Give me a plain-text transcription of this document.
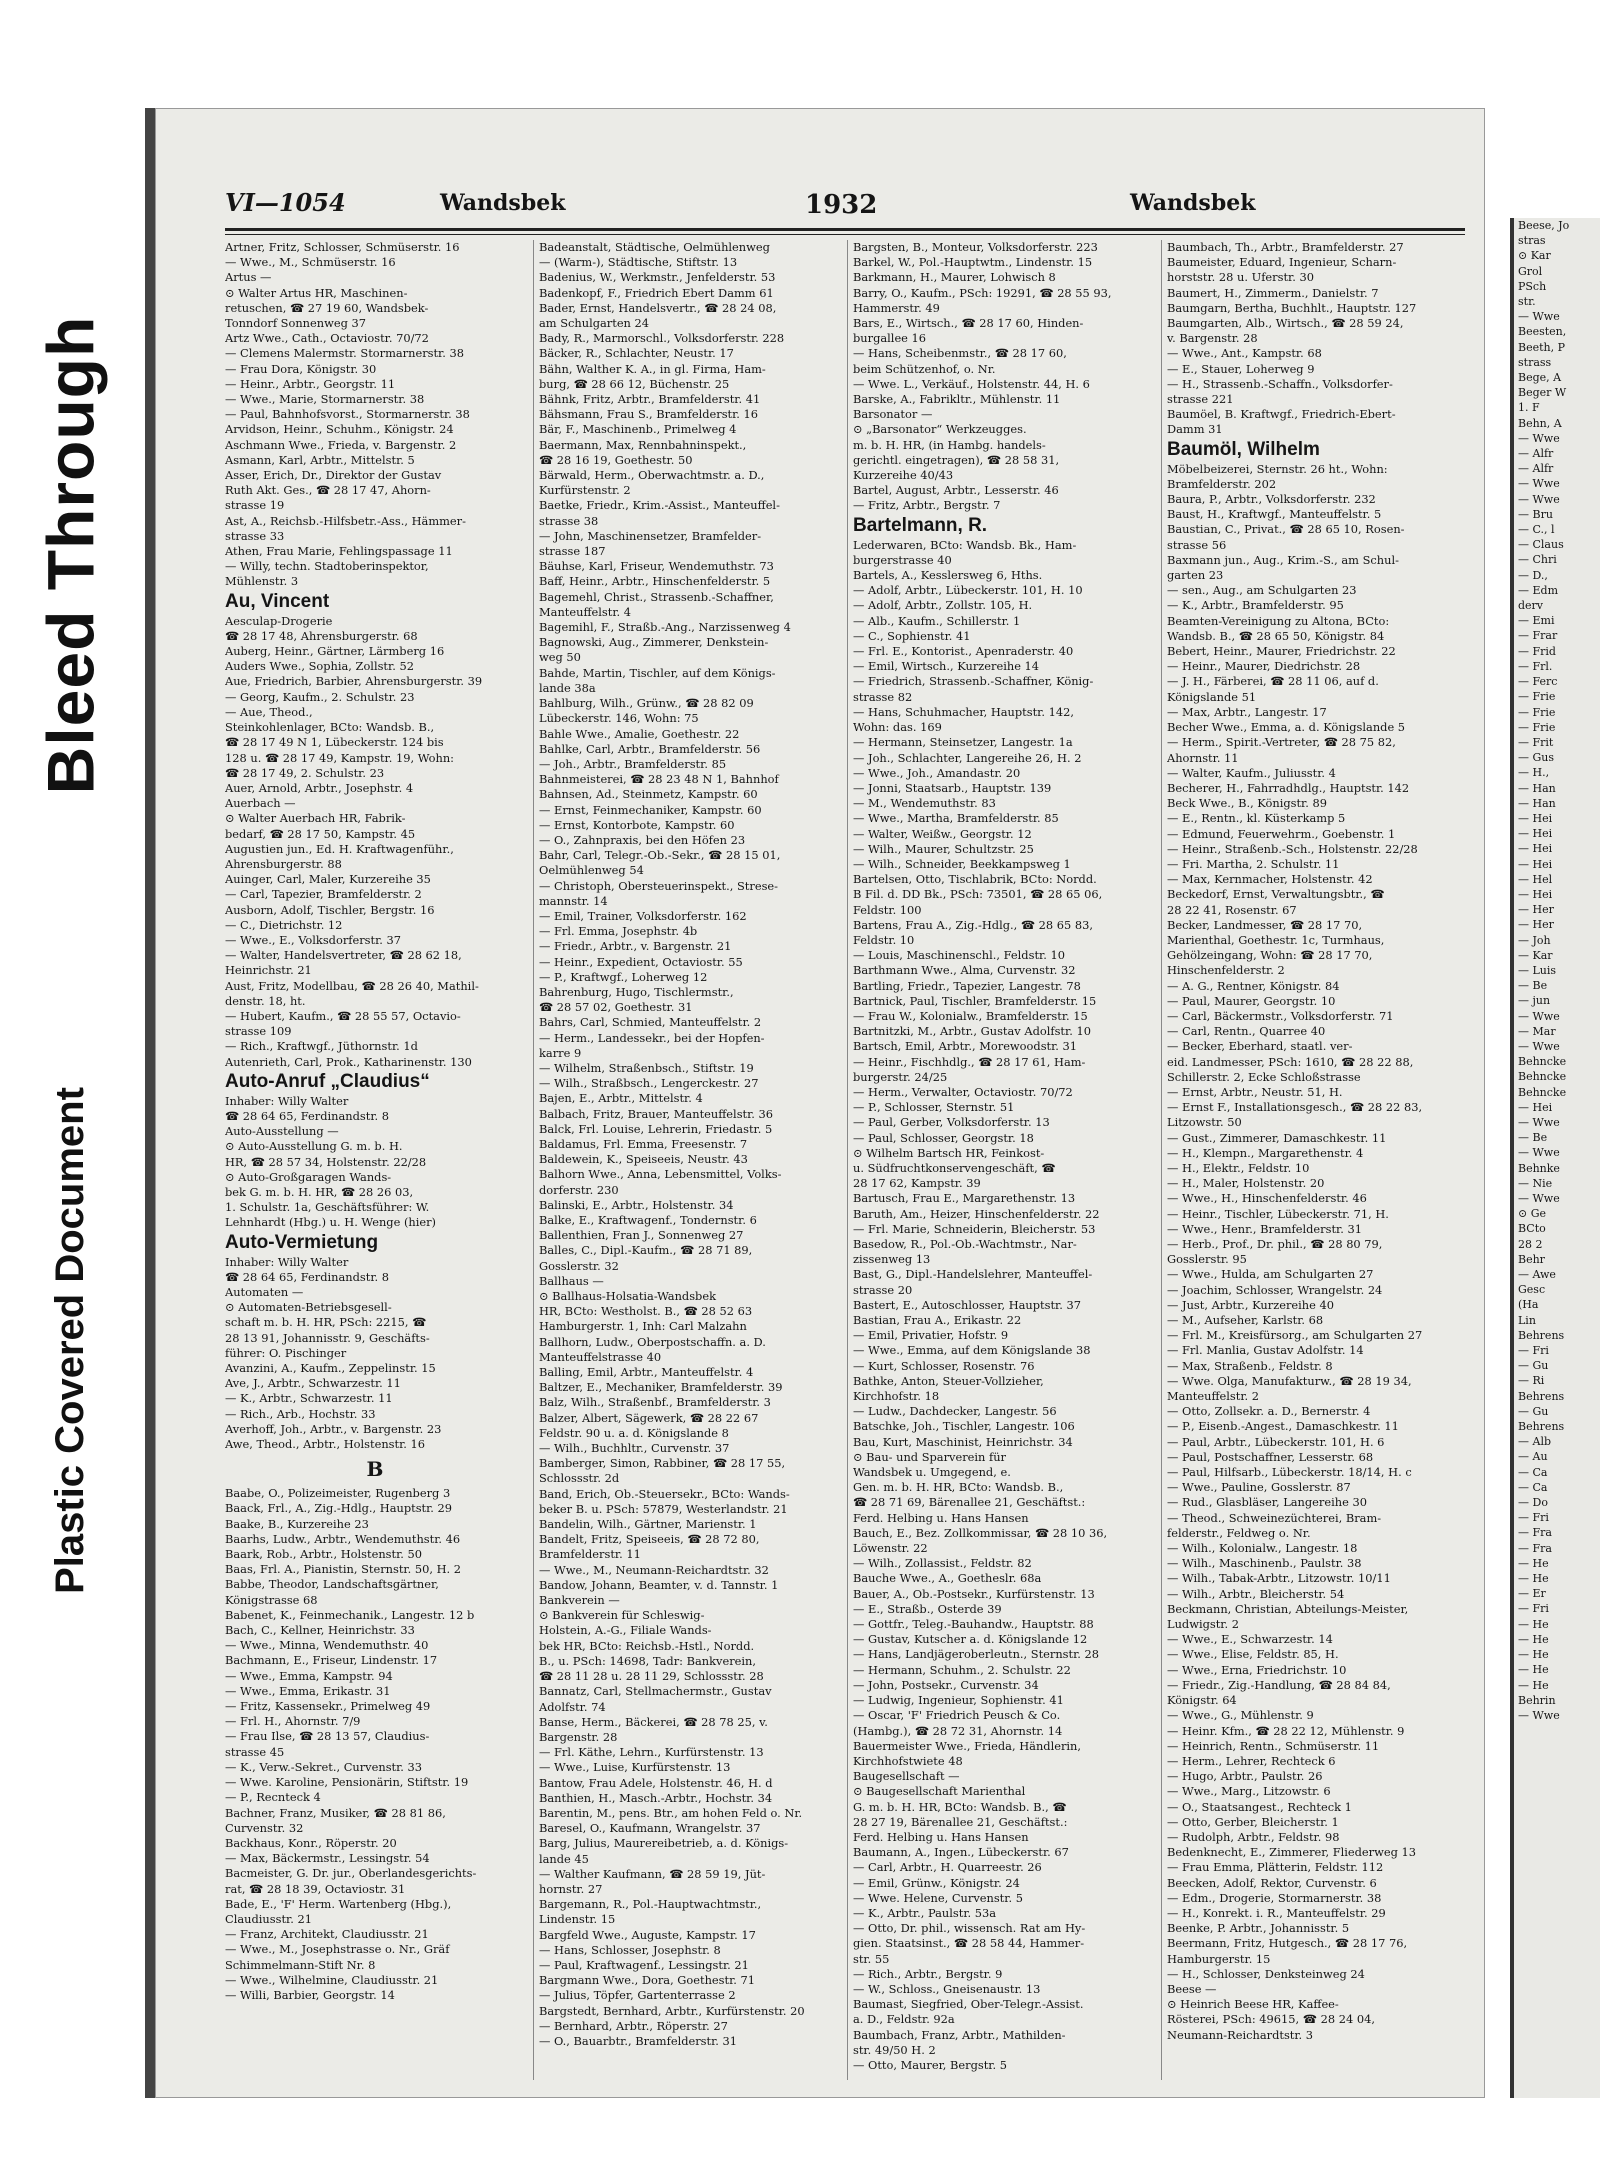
Bleed Through
Plastic Covered Document
VI—1054	Wandsbek	1932	Wandsbek
Artner, Fritz, Schlosser, Schmüserstr. 16
— Wwe., M., Schmüserstr. 16
Artus —
⊙ Walter Artus HR, Maschinen-
retuschen, ☎ 27 19 60, Wandsbek-
Tonndorf Sonnenweg 37
Artz Wwe., Cath., Octaviostr. 70/72
— Clemens Malermstr. Stormarnerstr. 38
— Frau Dora, Königstr. 30
— Heinr., Arbtr., Georgstr. 11
— Wwe., Marie, Stormarnerstr. 38
— Paul, Bahnhofsvorst., Stormarnerstr. 38
Arvidson, Heinr., Schuhm., Königstr. 24
Aschmann Wwe., Frieda, v. Bargenstr. 2
Asmann, Karl, Arbtr., Mittelstr. 5
Asser, Erich, Dr., Direktor der Gustav
Ruth Akt. Ges., ☎ 28 17 47, Ahorn-
strasse 19
Ast, A., Reichsb.-Hilfsbetr.-Ass., Hämmer-
strasse 33
Athen, Frau Marie, Fehlingspassage 11
— Willy, techn. Stadtoberinspektor,
Mühlenstr. 3
Au, Vincent
Aesculap-Drogerie
☎ 28 17 48, Ahrensburgerstr. 68
Auberg, Heinr., Gärtner, Lärmberg 16
Auders Wwe., Sophia, Zollstr. 52
Aue, Friedrich, Barbier, Ahrensburgerstr. 39
— Georg, Kaufm., 2. Schulstr. 23
— Aue, Theod.,
Steinkohlenlager, BCto: Wandsb. B.,
☎ 28 17 49 N 1, Lübeckerstr. 124 bis
128 u. ☎ 28 17 49, Kampstr. 19, Wohn:
☎ 28 17 49, 2. Schulstr. 23
Auer, Arnold, Arbtr., Josephstr. 4
Auerbach —
⊙ Walter Auerbach HR, Fabrik-
bedarf, ☎ 28 17 50, Kampstr. 45
Augustien jun., Ed. H. Kraftwagenführ.,
Ahrensburgerstr. 88
Auinger, Carl, Maler, Kurzereihe 35
— Carl, Tapezier, Bramfelderstr. 2
Ausborn, Adolf, Tischler, Bergstr. 16
— C., Dietrichstr. 12
— Wwe., E., Volksdorferstr. 37
— Walter, Handelsvertreter, ☎ 28 62 18,
Heinrichstr. 21
Aust, Fritz, Modellbau, ☎ 28 26 40, Mathil-
denstr. 18, ht.
— Hubert, Kaufm., ☎ 28 55 57, Octavio-
strasse 109
— Rich., Kraftwgf., Jüthornstr. 1d
Autenrieth, Carl, Prok., Katharinenstr. 130
Auto-Anruf „Claudius“
Inhaber: Willy Walter
☎ 28 64 65, Ferdinandstr. 8
Auto-Ausstellung —
⊙ Auto-Ausstellung G. m. b. H.
HR, ☎ 28 57 34, Holstenstr. 22/28
⊙ Auto-Großgaragen Wands-
bek G. m. b. H. HR, ☎ 28 26 03,
1. Schulstr. 1a, Geschäftsführer: W.
Lehnhardt (Hbg.) u. H. Wenge (hier)
Auto-Vermietung
Inhaber: Willy Walter
☎ 28 64 65, Ferdinandstr. 8
Automaten —
⊙ Automaten-Betriebsgesell-
schaft m. b. H. HR, PSch: 2215, ☎
28 13 91, Johannisstr. 9, Geschäfts-
führer: O. Pischinger
Avanzini, A., Kaufm., Zeppelinstr. 15
Ave, J., Arbtr., Schwarzestr. 11
— K., Arbtr., Schwarzestr. 11
— Rich., Arb., Hochstr. 33
Averhoff, Joh., Arbtr., v. Bargenstr. 23
Awe, Theod., Arbtr., Holstenstr. 16
B
Baabe, O., Polizeimeister, Rugenberg 3
Baack, Frl., A., Zig.-Hdlg., Hauptstr. 29
Baake, B., Kurzereihe 23
Baarhs, Ludw., Arbtr., Wendemuthstr. 46
Baark, Rob., Arbtr., Holstenstr. 50
Baas, Frl. A., Pianistin, Sternstr. 50, H. 2
Babbe, Theodor, Landschaftsgärtner,
Königstrasse 68
Babenet, K., Feinmechanik., Langestr. 12 b
Bach, C., Kellner, Heinrichstr. 33
— Wwe., Minna, Wendemuthstr. 40
Bachmann, E., Friseur, Lindenstr. 17
— Wwe., Emma, Kampstr. 94
— Wwe., Emma, Erikastr. 31
— Fritz, Kassensekr., Primelweg 49
— Frl. H., Ahornstr. 7/9
— Frau Ilse, ☎ 28 13 57, Claudius-
strasse 45
— K., Verw.-Sekret., Curvenstr. 33
— Wwe. Karoline, Pensionärin, Stiftstr. 19
— P., Recnteck 4
Bachner, Franz, Musiker, ☎ 28 81 86,
Curvenstr. 32
Backhaus, Konr., Röperstr. 20
— Max, Bäckermstr., Lessingstr. 54
Bacmeister, G. Dr. jur., Oberlandesgerichts-
rat, ☎ 28 18 39, Octaviostr. 31
Bade, E., 'F' Herm. Wartenberg (Hbg.),
Claudiusstr. 21
— Franz, Architekt, Claudiusstr. 21
— Wwe., M., Josephstrasse o. Nr., Gräf
Schimmelmann-Stift Nr. 8
— Wwe., Wilhelmine, Claudiusstr. 21
— Willi, Barbier, Georgstr. 14
Badeanstalt, Städtische, Oelmühlenweg
— (Warm-), Städtische, Stiftstr. 13
Badenius, W., Werkmstr., Jenfelderstr. 53
Badenkopf, F., Friedrich Ebert Damm 61
Bader, Ernst, Handelsvertr., ☎ 28 24 08,
am Schulgarten 24
Bady, R., Marmorschl., Volksdorferstr. 228
Bäcker, R., Schlachter, Neustr. 17
Bähn, Walther K. A., in gl. Firma, Ham-
burg, ☎ 28 66 12, Büchenstr. 25
Bähnk, Fritz, Arbtr., Bramfelderstr. 41
Bähsmann, Frau S., Bramfelderstr. 16
Bär, F., Maschinenb., Primelweg 4
Baermann, Max, Rennbahninspekt.,
☎ 28 16 19, Goethestr. 50
Bärwald, Herm., Oberwachtmstr. a. D.,
Kurfürstenstr. 2
Baetke, Friedr., Krim.-Assist., Manteuffel-
strasse 38
— John, Maschinensetzer, Bramfelder-
strasse 187
Bäuhse, Karl, Friseur, Wendemuthstr. 73
Baff, Heinr., Arbtr., Hinschenfelderstr. 5
Bagemehl, Christ., Strassenb.-Schaffner,
Manteuffelstr. 4
Bagemihl, F., Straßb.-Ang., Narzissenweg 4
Bagnowski, Aug., Zimmerer, Denkstein-
weg 50
Bahde, Martin, Tischler, auf dem Königs-
lande 38a
Bahlburg, Wilh., Grünw., ☎ 28 82 09
Lübeckerstr. 146, Wohn: 75
Bahle Wwe., Amalie, Goethestr. 22
Bahlke, Carl, Arbtr., Bramfelderstr. 56
— Joh., Arbtr., Bramfelderstr. 85
Bahnmeisterei, ☎ 28 23 48 N 1, Bahnhof
Bahnsen, Ad., Steinmetz, Kampstr. 60
— Ernst, Feinmechaniker, Kampstr. 60
— Ernst, Kontorbote, Kampstr. 60
— O., Zahnpraxis, bei den Höfen 23
Bahr, Carl, Telegr.-Ob.-Sekr., ☎ 28 15 01,
Oelmühlenweg 54
— Christoph, Obersteuerinspekt., Strese-
mannstr. 14
— Emil, Trainer, Volksdorferstr. 162
— Frl. Emma, Josephstr. 4b
— Friedr., Arbtr., v. Bargenstr. 21
— Heinr., Expedient, Octaviostr. 55
— P., Kraftwgf., Loherweg 12
Bahrenburg, Hugo, Tischlermstr.,
☎ 28 57 02, Goethestr. 31
Bahrs, Carl, Schmied, Manteuffelstr. 2
— Herm., Landessekr., bei der Hopfen-
karre 9
— Wilhelm, Straßenbsch., Stiftstr. 19
— Wilh., Straßbsch., Lengerckestr. 27
Bajen, E., Arbtr., Mittelstr. 4
Balbach, Fritz, Brauer, Manteuffelstr. 36
Balck, Frl. Louise, Lehrerin, Friedastr. 5
Baldamus, Frl. Emma, Freesenstr. 7
Baldewein, K., Speiseeis, Neustr. 43
Balhorn Wwe., Anna, Lebensmittel, Volks-
dorferstr. 230
Balinski, E., Arbtr., Holstenstr. 34
Balke, E., Kraftwagenf., Tondernstr. 6
Ballenthien, Fran J., Sonnenweg 27
Balles, C., Dipl.-Kaufm., ☎ 28 71 89,
Gosslerstr. 32
Ballhaus —
⊙ Ballhaus-Holsatia-Wandsbek
HR, BCto: Westholst. B., ☎ 28 52 63
Hamburgerstr. 1, Inh: Carl Malzahn
Ballhorn, Ludw., Oberpostschaffn. a. D.
Manteuffelstrasse 40
Balling, Emil, Arbtr., Manteuffelstr. 4
Baltzer, E., Mechaniker, Bramfelderstr. 39
Balz, Wilh., Straßenbf., Bramfelderstr. 3
Balzer, Albert, Sägewerk, ☎ 28 22 67
Feldstr. 90 u. a. d. Königslande 8
— Wilh., Buchhltr., Curvenstr. 37
Bamberger, Simon, Rabbiner, ☎ 28 17 55,
Schlossstr. 2d
Band, Erich, Ob.-Steuersekr., BCto: Wands-
beker B. u. PSch: 57879, Westerlandstr. 21
Bandelin, Wilh., Gärtner, Marienstr. 1
Bandelt, Fritz, Speiseeis, ☎ 28 72 80,
Bramfelderstr. 11
— Wwe., M., Neumann-Reichardtstr. 32
Bandow, Johann, Beamter, v. d. Tannstr. 1
Bankverein —
⊙ Bankverein für Schleswig-
Holstein, A.-G., Filiale Wands-
bek HR, BCto: Reichsb.-Hstl., Nordd.
B., u. PSch: 14698, Tadr: Bankverein,
☎ 28 11 28 u. 28 11 29, Schlossstr. 28
Bannatz, Carl, Stellmachermstr., Gustav
Adolfstr. 74
Banse, Herm., Bäckerei, ☎ 28 78 25, v.
Bargenstr. 28
— Frl. Käthe, Lehrn., Kurfürstenstr. 13
— Wwe., Luise, Kurfürstenstr. 13
Bantow, Frau Adele, Holstenstr. 46, H. d
Banthien, H., Masch.-Arbtr., Hochstr. 34
Barentin, M., pens. Btr., am hohen Feld o. Nr.
Baresel, O., Kaufmann, Wrangelstr. 37
Barg, Julius, Maurereibetrieb, a. d. Königs-
lande 45
— Walther Kaufmann, ☎ 28 59 19, Jüt-
hornstr. 27
Bargemann, R., Pol.-Hauptwachtmstr.,
Lindenstr. 15
Bargfeld Wwe., Auguste, Kampstr. 17
— Hans, Schlosser, Josephstr. 8
— Paul, Kraftwagenf., Lessingstr. 21
Bargmann Wwe., Dora, Goethestr. 71
— Julius, Töpfer, Gartenterrasse 2
Bargstedt, Bernhard, Arbtr., Kurfürstenstr. 20
— Bernhard, Arbtr., Röperstr. 27
— O., Bauarbtr., Bramfelderstr. 31
Bargsten, B., Monteur, Volksdorferstr. 223
Barkel, W., Pol.-Hauptwtm., Lindenstr. 15
Barkmann, H., Maurer, Lohwisch 8
Barry, O., Kaufm., PSch: 19291, ☎ 28 55 93,
Hammerstr. 49
Bars, E., Wirtsch., ☎ 28 17 60, Hinden-
burgallee 16
— Hans, Scheibenmstr., ☎ 28 17 60,
beim Schützenhof, o. Nr.
— Wwe. L., Verkäuf., Holstenstr. 44, H. 6
Barske, A., Fabrikltr., Mühlenstr. 11
Barsonator —
⊙ „Barsonator“ Werkzeugges.
m. b. H. HR, (in Hambg. handels-
gerichtl. eingetragen), ☎ 28 58 31,
Kurzereihe 40/43
Bartel, August, Arbtr., Lesserstr. 46
— Fritz, Arbtr., Bergstr. 7
Bartelmann, R.
Lederwaren, BCto: Wandsb. Bk., Ham-
burgerstrasse 40
Bartels, A., Kesslersweg 6, Hths.
— Adolf, Arbtr., Lübeckerstr. 101, H. 10
— Adolf, Arbtr., Zollstr. 105, H.
— Alb., Kaufm., Schillerstr. 1
— C., Sophienstr. 41
— Frl. E., Kontorist., Apenraderstr. 40
— Emil, Wirtsch., Kurzereihe 14
— Friedrich, Strassenb.-Schaffner, König-
strasse 82
— Hans, Schuhmacher, Hauptstr. 142,
Wohn: das. 169
— Hermann, Steinsetzer, Langestr. 1a
— Joh., Schlachter, Langereihe 26, H. 2
— Wwe., Joh., Amandastr. 20
— Jonni, Staatsarb., Hauptstr. 139
— M., Wendemuthstr. 83
— Wwe., Martha, Bramfelderstr. 85
— Walter, Weißw., Georgstr. 12
— Wilh., Maurer, Schultzstr. 25
— Wilh., Schneider, Beekkampsweg 1
Bartelsen, Otto, Tischlabrik, BCto: Nordd.
B Fil. d. DD Bk., PSch: 73501, ☎ 28 65 06,
Feldstr. 100
Bartens, Frau A., Zig.-Hdlg., ☎ 28 65 83,
Feldstr. 10
— Louis, Maschinenschl., Feldstr. 10
Barthmann Wwe., Alma, Curvenstr. 32
Bartling, Friedr., Tapezier, Langestr. 78
Bartnick, Paul, Tischler, Bramfelderstr. 15
— Frau W., Kolonialw., Bramfelderstr. 15
Bartnitzki, M., Arbtr., Gustav Adolfstr. 10
Bartsch, Emil, Arbtr., Morewoodstr. 31
— Heinr., Fischhdlg., ☎ 28 17 61, Ham-
burgerstr. 24/25
— Herm., Verwalter, Octaviostr. 70/72
— P., Schlosser, Sternstr. 51
— Paul, Gerber, Volksdorferstr. 13
— Paul, Schlosser, Georgstr. 18
⊙ Wilhelm Bartsch HR, Feinkost-
u. Südfruchtkonservengeschäft, ☎
28 17 62, Kampstr. 39
Bartusch, Frau E., Margarethenstr. 13
Baruth, Am., Heizer, Hinschenfelderstr. 22
— Frl. Marie, Schneiderin, Bleicherstr. 53
Basedow, R., Pol.-Ob.-Wachtmstr., Nar-
zissenweg 13
Bast, G., Dipl.-Handelslehrer, Manteuffel-
strasse 20
Bastert, E., Autoschlosser, Hauptstr. 37
Bastian, Frau A., Erikastr. 22
— Emil, Privatier, Hofstr. 9
— Wwe., Emma, auf dem Königslande 38
— Kurt, Schlosser, Rosenstr. 76
Bathke, Anton, Steuer-Vollzieher,
Kirchhofstr. 18
— Ludw., Dachdecker, Langestr. 56
Batschke, Joh., Tischler, Langestr. 106
Bau, Kurt, Maschinist, Heinrichstr. 34
⊙ Bau- und Sparverein für
Wandsbek u. Umgegend, e.
Gen. m. b. H. HR, BCto: Wandsb. B.,
☎ 28 71 69, Bärenallee 21, Geschäftst.:
Ferd. Helbing u. Hans Hansen
Bauch, E., Bez. Zollkommissar, ☎ 28 10 36,
Löwenstr. 22
— Wilh., Zollassist., Feldstr. 82
Bauche Wwe., A., Goetheslr. 68a
Bauer, A., Ob.-Postsekr., Kurfürstenstr. 13
— E., Straßb., Osterde 39
— Gottfr., Teleg.-Bauhandw., Hauptstr. 88
— Gustav, Kutscher a. d. Königslande 12
— Hans, Landjägeroberleutn., Sternstr. 28
— Hermann, Schuhm., 2. Schulstr. 22
— John, Postsekr., Curvenstr. 34
— Ludwig, Ingenieur, Sophienstr. 41
— Oscar, 'F' Friedrich Peusch & Co.
(Hambg.), ☎ 28 72 31, Ahornstr. 14
Bauermeister Wwe., Frieda, Händlerin,
Kirchhofstwiete 48
Baugesellschaft —
⊙ Baugesellschaft Marienthal
G. m. b. H. HR, BCto: Wandsb. B., ☎
28 27 19, Bärenallee 21, Geschäftst.:
Ferd. Helbing u. Hans Hansen
Baumann, A., Ingen., Lübeckerstr. 67
— Carl, Arbtr., H. Quarreestr. 26
— Emil, Grünw., Königstr. 24
— Wwe. Helene, Curvenstr. 5
— K., Arbtr., Paulstr. 53a
— Otto, Dr. phil., wissensch. Rat am Hy-
gien. Staatsinst., ☎ 28 58 44, Hammer-
str. 55
— Rich., Arbtr., Bergstr. 9
— W., Schloss., Gneisenaustr. 13
Baumast, Siegfried, Ober-Telegr.-Assist.
a. D., Feldstr. 92a
Baumbach, Franz, Arbtr., Mathilden-
str. 49/50 H. 2
— Otto, Maurer, Bergstr. 5
Baumbach, Th., Arbtr., Bramfelderstr. 27
Baumeister, Eduard, Ingenieur, Scharn-
horststr. 28 u. Uferstr. 30
Baumert, H., Zimmerm., Danielstr. 7
Baumgarn, Bertha, Buchhlt., Hauptstr. 127
Baumgarten, Alb., Wirtsch., ☎ 28 59 24,
v. Bargenstr. 28
— Wwe., Ant., Kampstr. 68
— E., Stauer, Loherweg 9
— H., Strassenb.-Schaffn., Volksdorfer-
strasse 221
Baumöel, B. Kraftwgf., Friedrich-Ebert-
Damm 31
Baumöl, Wilhelm
Möbelbeizerei, Sternstr. 26 ht., Wohn:
Bramfelderstr. 202
Baura, P., Arbtr., Volksdorferstr. 232
Baust, H., Kraftwgf., Manteuffelstr. 5
Baustian, C., Privat., ☎ 28 65 10, Rosen-
strasse 56
Baxmann jun., Aug., Krim.-S., am Schul-
garten 23
— sen., Aug., am Schulgarten 23
— K., Arbtr., Bramfelderstr. 95
Beamten-Vereinigung zu Altona, BCto:
Wandsb. B., ☎ 28 65 50, Königstr. 84
Bebert, Heinr., Maurer, Friedrichstr. 22
— Heinr., Maurer, Diedrichstr. 28
— J. H., Färberei, ☎ 28 11 06, auf d.
Königslande 51
— Max, Arbtr., Langestr. 17
Becher Wwe., Emma, a. d. Königslande 5
— Herm., Spirit.-Vertreter, ☎ 28 75 82,
Ahornstr. 11
— Walter, Kaufm., Juliusstr. 4
Becherer, H., Fahrradhdlg., Hauptstr. 142
Beck Wwe., B., Königstr. 89
— E., Rentn., kl. Küsterkamp 5
— Edmund, Feuerwehrm., Goebenstr. 1
— Heinr., Straßenb.-Sch., Holstenstr. 22/28
— Fri. Martha, 2. Schulstr. 11
— Max, Kernmacher, Holstenstr. 42
Beckedorf, Ernst, Verwaltungsbtr., ☎
28 22 41, Rosenstr. 67
Becker, Landmesser, ☎ 28 17 70,
Marienthal, Goethestr. 1c, Turmhaus,
Gehölzeingang, Wohn: ☎ 28 17 70,
Hinschenfelderstr. 2
— A. G., Rentner, Königstr. 84
— Paul, Maurer, Georgstr. 10
— Carl, Bäckermstr., Volksdorferstr. 71
— Carl, Rentn., Quarree 40
— Becker, Eberhard, staatl. ver-
eid. Landmesser, PSch: 1610, ☎ 28 22 88,
Schillerstr. 2, Ecke Schloßstrasse
— Ernst, Arbtr., Neustr. 51, H.
— Ernst F., Installationsgesch., ☎ 28 22 83,
Litzowstr. 50
— Gust., Zimmerer, Damaschkestr. 11
— H., Klempn., Margarethenstr. 4
— H., Elektr., Feldstr. 10
— H., Maler, Holstenstr. 20
— Wwe., H., Hinschenfelderstr. 46
— Heinr., Tischler, Lübeckerstr. 71, H.
— Wwe., Henr., Bramfelderstr. 31
— Herb., Prof., Dr. phil., ☎ 28 80 79,
Gosslerstr. 95
— Wwe., Hulda, am Schulgarten 27
— Joachim, Schlosser, Wrangelstr. 24
— Just, Arbtr., Kurzereihe 40
— M., Aufseher, Karlstr. 68
— Frl. M., Kreisfürsorg., am Schulgarten 27
— Frl. Manlia, Gustav Adolfstr. 14
— Max, Straßenb., Feldstr. 8
— Wwe. Olga, Manufakturw., ☎ 28 19 34,
Manteuffelstr. 2
— Otto, Zollsekr. a. D., Bernerstr. 4
— P., Eisenb.-Angest., Damaschkestr. 11
— Paul, Arbtr., Lübeckerstr. 101, H. 6
— Paul, Postschaffner, Lesserstr. 68
— Paul, Hilfsarb., Lübeckerstr. 18/14, H. c
— Wwe., Pauline, Gosslerstr. 87
— Rud., Glasbläser, Langereihe 30
— Theod., Schweinezüchterei, Bram-
felderstr., Feldweg o. Nr.
— Wilh., Kolonialw., Langestr. 18
— Wilh., Maschinenb., Paulstr. 38
— Wilh., Tabak-Arbtr., Litzowstr. 10/11
— Wilh., Arbtr., Bleicherstr. 54
Beckmann, Christian, Abteilungs-Meister,
Ludwigstr. 2
— Wwe., E., Schwarzestr. 14
— Wwe., Elise, Feldstr. 85, H.
— Wwe., Erna, Friedrichstr. 10
— Friedr., Zig.-Handlung, ☎ 28 84 84,
Königstr. 64
— Wwe., G., Mühlenstr. 9
— Heinr. Kfm., ☎ 28 22 12, Mühlenstr. 9
— Heinrich, Rentn., Schmüserstr. 11
— Herm., Lehrer, Rechteck 6
— Hugo, Arbtr., Paulstr. 26
— Wwe., Marg., Litzowstr. 6
— O., Staatsangest., Rechteck 1
— Otto, Gerber, Bleicherstr. 1
— Rudolph, Arbtr., Feldstr. 98
Bedenknecht, E., Zimmerer, Fliederweg 13
— Frau Emma, Plätterin, Feldstr. 112
Beecken, Adolf, Rektor, Curvenstr. 6
— Edm., Drogerie, Stormarnerstr. 38
— H., Konrekt. i. R., Manteuffelstr. 29
Beenke, P. Arbtr., Johannisstr. 5
Beermann, Fritz, Hutgesch., ☎ 28 17 76,
Hamburgerstr. 15
— H., Schlosser, Denksteinweg 24
Beese —
⊙ Heinrich Beese HR, Kaffee-
Rösterei, PSch: 49615, ☎ 28 24 04,
Neumann-Reichardtstr. 3
Beese, Jo
stras
⊙ Kar
Grol
PSch
str.
— Wwe
Beesten,
Beeth, P
strass
Bege, A
Beger W
1. F
Behn, A
— Wwe
— Alfr
— Alfr
— Wwe
— Wwe
— Bru
— C., l
— Claus
— Chri
— D.,
— Edm
derv
— Emi
— Frar
— Frid
— Frl.
— Ferc
— Frie
— Frie
— Frie
— Frit
— Gus
— H.,
— Han
— Han
— Hei
— Hei
— Hei
— Hei
— Hel
— Hei
— Her
— Her
— Joh
— Kar
— Luis
— Be
— jun
— Wwe
— Mar
— Wwe
Behncke
Behncke
Behncke
— Hei
— Wwe
— Be
— Wwe
Behnke
— Nie
— Wwe
⊙ Ge
BCto
28 2
Behr
— Awe
Gesc
(Ha
Lin
Behrens
— Fri
— Gu
— Ri
Behrens
— Gu
Behrens
— Alb
— Au
— Ca
— Ca
— Do
— Fri
— Fra
— Fra
— He
— He
— Er
— Fri
— He
— He
— He
— He
— He
Behrin
— Wwe
